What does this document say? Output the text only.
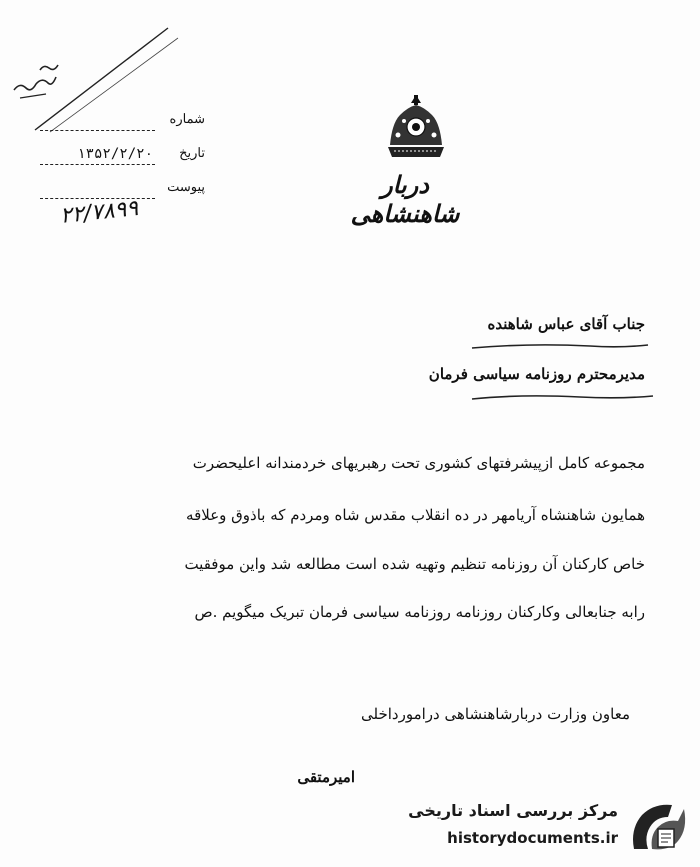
دربار شاهنشاهی
شماره
تاریخ
۱۳۵۲/۲/۲۰
پیوست
۲۲/۷۸۹۹
جناب آقای عباس شاهنده
مدیرمحترم روزنامه سیاسی فرمان
مجموعه کامل ازپیشرفتهای کشوری تحت رهبریهای خردمندانه اعلیحضرت
همایون شاهنشاه آریامهر در ده انقلاب مقدس شاه ومردم که باذوق وعلاقه
خاص کارکنان آن روزنامه تنظیم وتهیه شده است مطالعه شد واین موفقیت
رابه جنابعالی وکارکنان روزنامه روزنامه سیاسی فرمان تبریک میگویم .ص
معاون وزارت دربارشاهنشاهی درامورداخلی
امیرمتقی
مرکز بررسی اسناد تاریخی
historydocuments.ir
